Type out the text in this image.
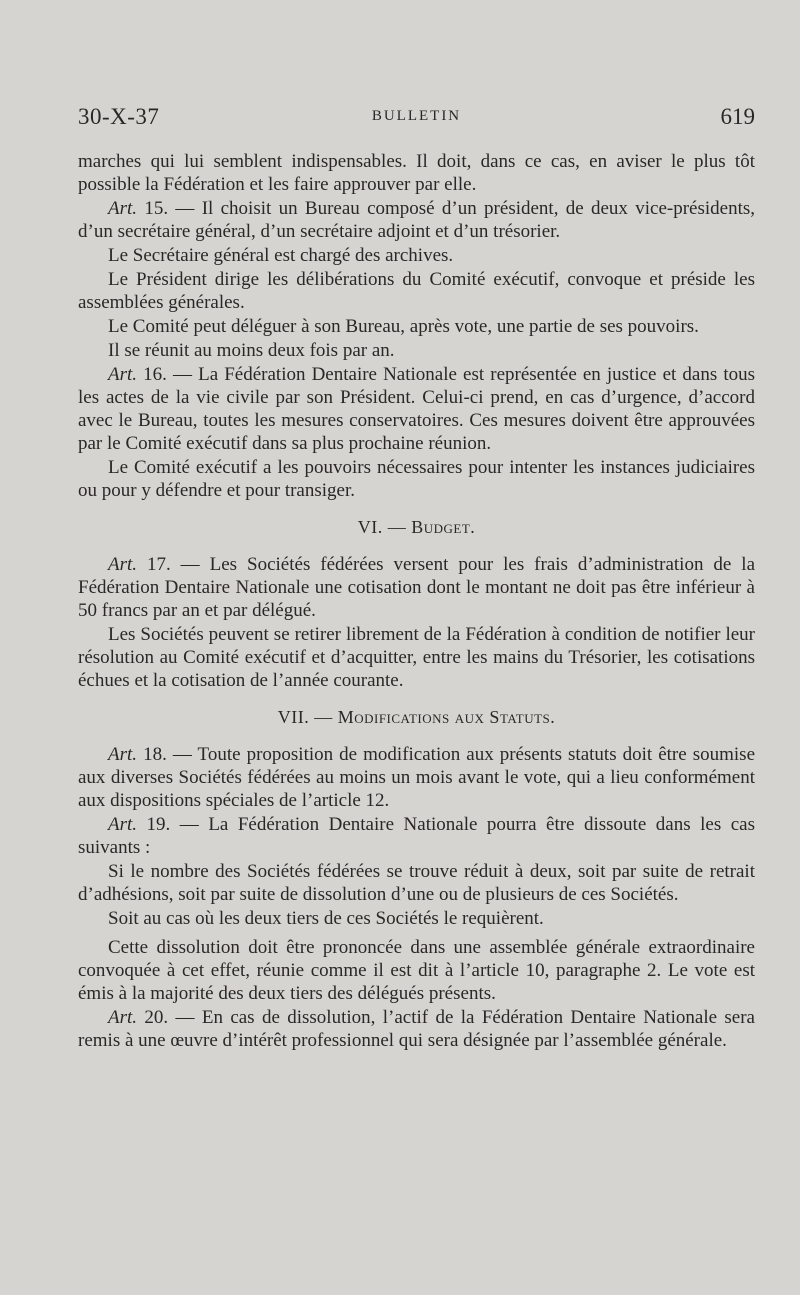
30-X-37	BULLETIN	619

marches qui lui semblent indispensables. Il doit, dans ce cas, en aviser le plus tôt possible la Fédération et les faire approuver par elle.

Art. 15. — Il choisit un Bureau composé d’un président, de deux vice-présidents, d’un secrétaire général, d’un secrétaire adjoint et d’un trésorier.

Le Secrétaire général est chargé des archives.

Le Président dirige les délibérations du Comité exécutif, convoque et préside les assemblées générales.

Le Comité peut déléguer à son Bureau, après vote, une partie de ses pouvoirs.

Il se réunit au moins deux fois par an.

Art. 16. — La Fédération Dentaire Nationale est représentée en justice et dans tous les actes de la vie civile par son Président. Celui-ci prend, en cas d’urgence, d’accord avec le Bureau, toutes les mesures conservatoires. Ces mesures doivent être approuvées par le Comité exécutif dans sa plus prochaine réunion.

Le Comité exécutif a les pouvoirs nécessaires pour intenter les instances judiciaires ou pour y défendre et pour transiger.

VI. — Budget.

Art. 17. — Les Sociétés fédérées versent pour les frais d’administration de la Fédération Dentaire Nationale une cotisation dont le montant ne doit pas être inférieur à 50 francs par an et par délégué.

Les Sociétés peuvent se retirer librement de la Fédération à condition de notifier leur résolution au Comité exécutif et d’acquitter, entre les mains du Trésorier, les cotisations échues et la cotisation de l’année courante.

VII. — Modifications aux Statuts.

Art. 18. — Toute proposition de modification aux présents statuts doit être soumise aux diverses Sociétés fédérées au moins un mois avant le vote, qui a lieu conformément aux dispositions spéciales de l’article 12.

Art. 19. — La Fédération Dentaire Nationale pourra être dissoute dans les cas suivants :

Si le nombre des Sociétés fédérées se trouve réduit à deux, soit par suite de retrait d’adhésions, soit par suite de dissolution d’une ou de plusieurs de ces Sociétés.

Soit au cas où les deux tiers de ces Sociétés le requièrent.

Cette dissolution doit être prononcée dans une assemblée générale extraordinaire convoquée à cet effet, réunie comme il est dit à l’article 10, paragraphe 2. Le vote est émis à la majorité des deux tiers des délégués présents.

Art. 20. — En cas de dissolution, l’actif de la Fédération Dentaire Nationale sera remis à une œuvre d’intérêt professionnel qui sera désignée par l’assemblée générale.
